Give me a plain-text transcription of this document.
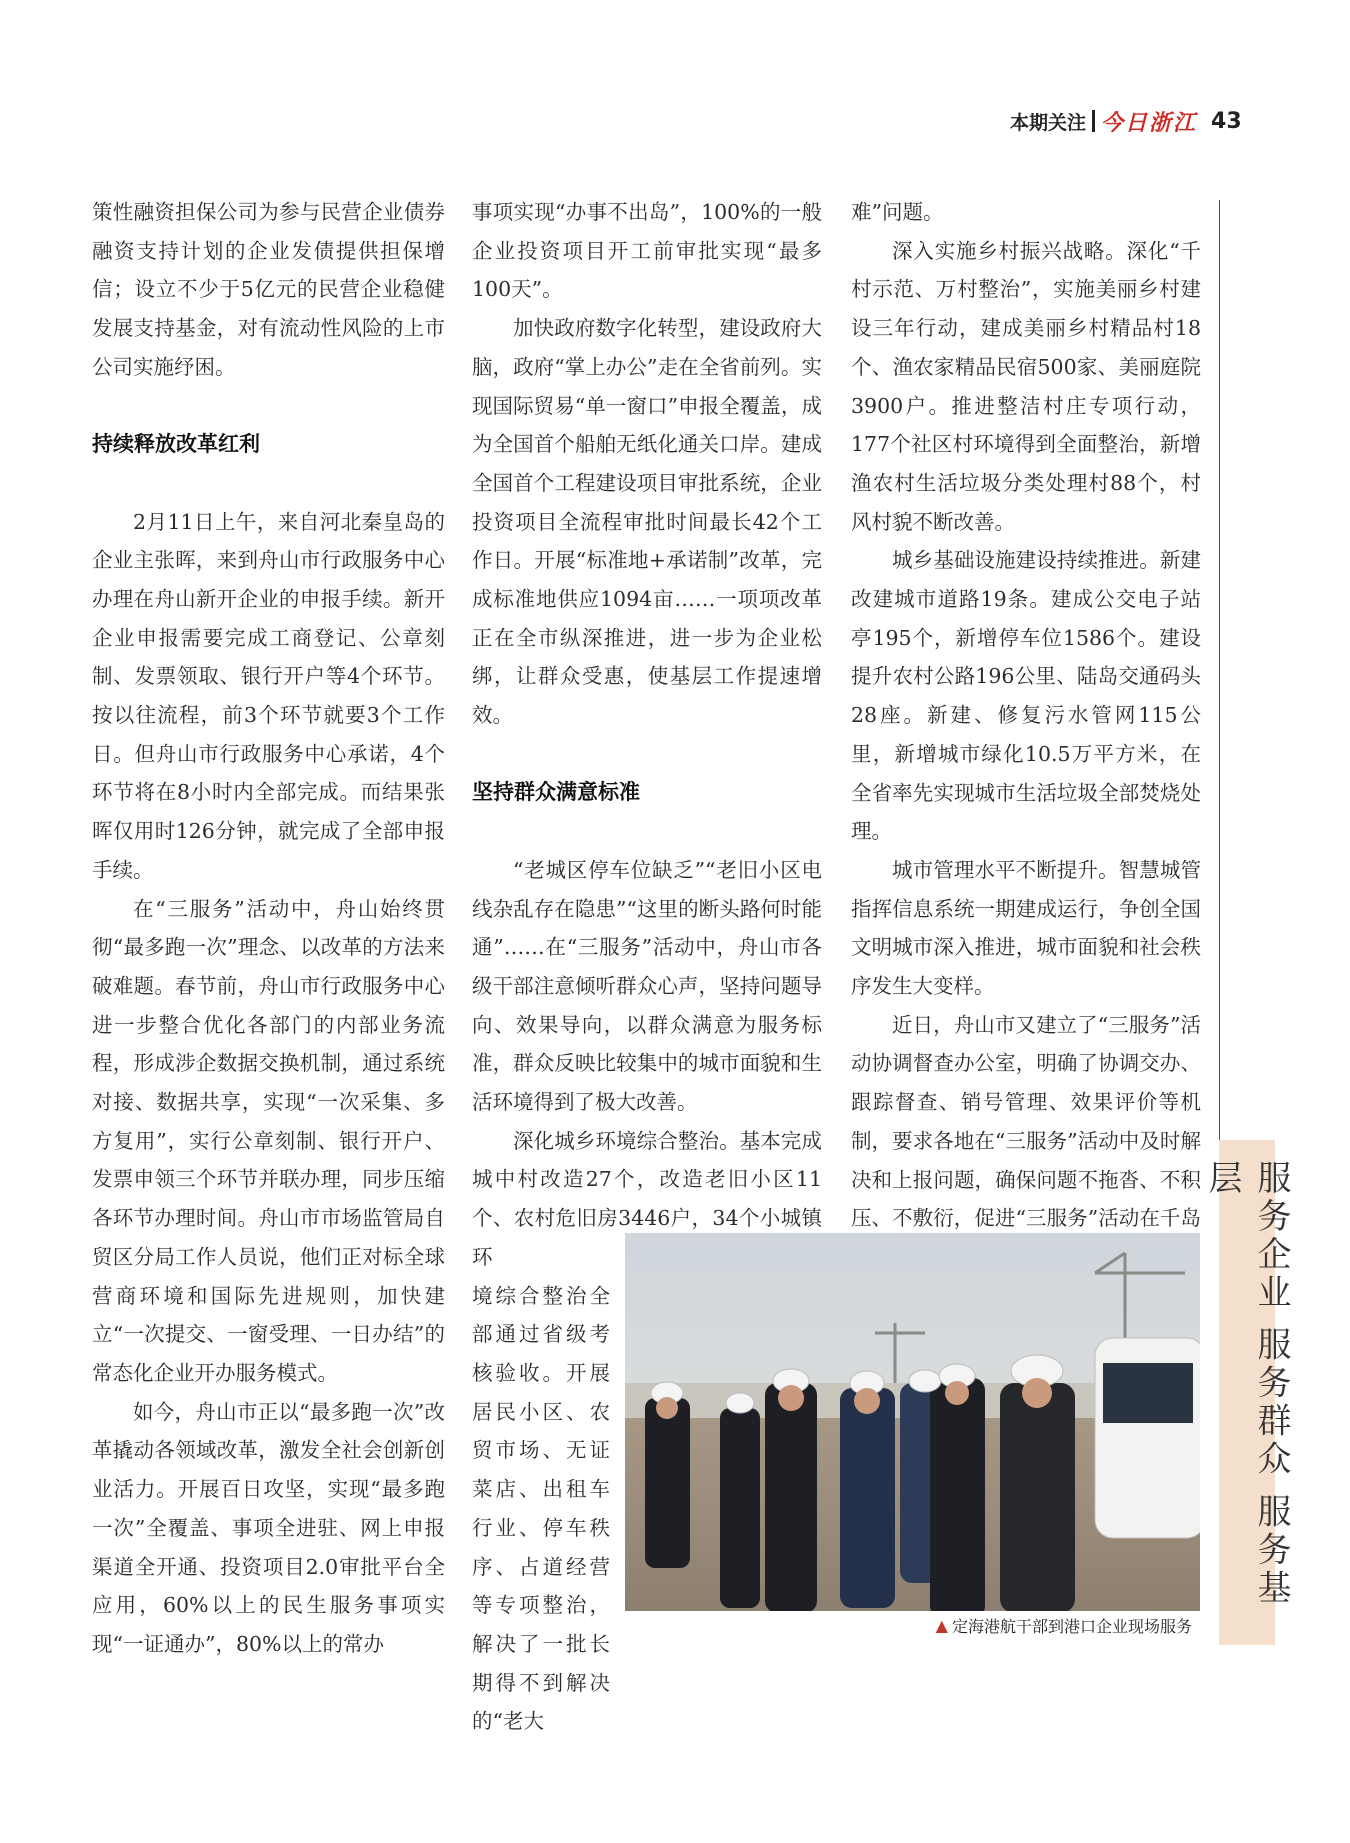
本期关注 今日浙江 43

策性融资担保公司为参与民营企业债券融资支持计划的企业发债提供担保增信；设立不少于5亿元的民营企业稳健发展支持基金，对有流动性风险的上市公司实施纾困。

持续释放改革红利

2月11日上午，来自河北秦皇岛的企业主张晖，来到舟山市行政服务中心办理在舟山新开企业的申报手续。新开企业申报需要完成工商登记、公章刻制、发票领取、银行开户等4个环节。按以往流程，前3个环节就要3个工作日。但舟山市行政服务中心承诺，4个环节将在8小时内全部完成。而结果张晖仅用时126分钟，就完成了全部申报手续。

在“三服务”活动中，舟山始终贯彻“最多跑一次”理念、以改革的方法来破难题。春节前，舟山市行政服务中心进一步整合优化各部门的内部业务流程，形成涉企数据交换机制，通过系统对接、数据共享，实现“一次采集、多方复用”，实行公章刻制、银行开户、发票申领三个环节并联办理，同步压缩各环节办理时间。舟山市市场监管局自贸区分局工作人员说，他们正对标全球营商环境和国际先进规则，加快建立“一次提交、一窗受理、一日办结”的常态化企业开办服务模式。

如今，舟山市正以“最多跑一次”改革撬动各领域改革，激发全社会创新创业活力。开展百日攻坚，实现“最多跑一次”全覆盖、事项全进驻、网上申报渠道全开通、投资项目2.0审批平台全应用，60%以上的民生服务事项实现“一证通办”，80%以上的常办

事项实现“办事不出岛”，100%的一般企业投资项目开工前审批实现“最多100天”。

加快政府数字化转型，建设政府大脑，政府“掌上办公”走在全省前列。实现国际贸易“单一窗口”申报全覆盖，成为全国首个船舶无纸化通关口岸。建成全国首个工程建设项目审批系统，企业投资项目全流程审批时间最长42个工作日。开展“标准地+承诺制”改革，完成标准地供应1094亩……一项项改革正在全市纵深推进，进一步为企业松绑，让群众受惠，使基层工作提速增效。

坚持群众满意标准

“老城区停车位缺乏”“老旧小区电线杂乱存在隐患”“这里的断头路何时能通”……在“三服务”活动中，舟山市各级干部注意倾听群众心声，坚持问题导向、效果导向，以群众满意为服务标准，群众反映比较集中的城市面貌和生活环境得到了极大改善。

深化城乡环境综合整治。基本完成城中村改造27个，改造老旧小区11个、农村危旧房3446户，34个小城镇环

境综合整治全部通过省级考核验收。开展居民小区、农贸市场、无证菜店、出租车行业、停车秩序、占道经营等专项整治，解决了一批长期得不到解决的“老大

难”问题。

深入实施乡村振兴战略。深化“千村示范、万村整治”，实施美丽乡村建设三年行动，建成美丽乡村精品村18个、渔农家精品民宿500家、美丽庭院3900户。推进整洁村庄专项行动，177个社区村环境得到全面整治，新增渔农村生活垃圾分类处理村88个，村风村貌不断改善。

城乡基础设施建设持续推进。新建改建城市道路19条。建成公交电子站亭195个，新增停车位1586个。建设提升农村公路196公里、陆岛交通码头28座。新建、修复污水管网115公里，新增城市绿化10.5万平方米，在全省率先实现城市生活垃圾全部焚烧处理。

城市管理水平不断提升。智慧城管指挥信息系统一期建成运行，争创全国文明城市深入推进，城市面貌和社会秩序发生大变样。

近日，舟山市又建立了“三服务”活动协调督查办公室，明确了协调交办、跟踪督查、销号管理、效果评价等机制，要求各地在“三服务”活动中及时解决和上报问题，确保问题不拖沓、不积压、不敷衍，促进“三服务”活动在千岛	服务企业 服务群众 服务基层
▲ 定海港航干部到港口企业现场服务
